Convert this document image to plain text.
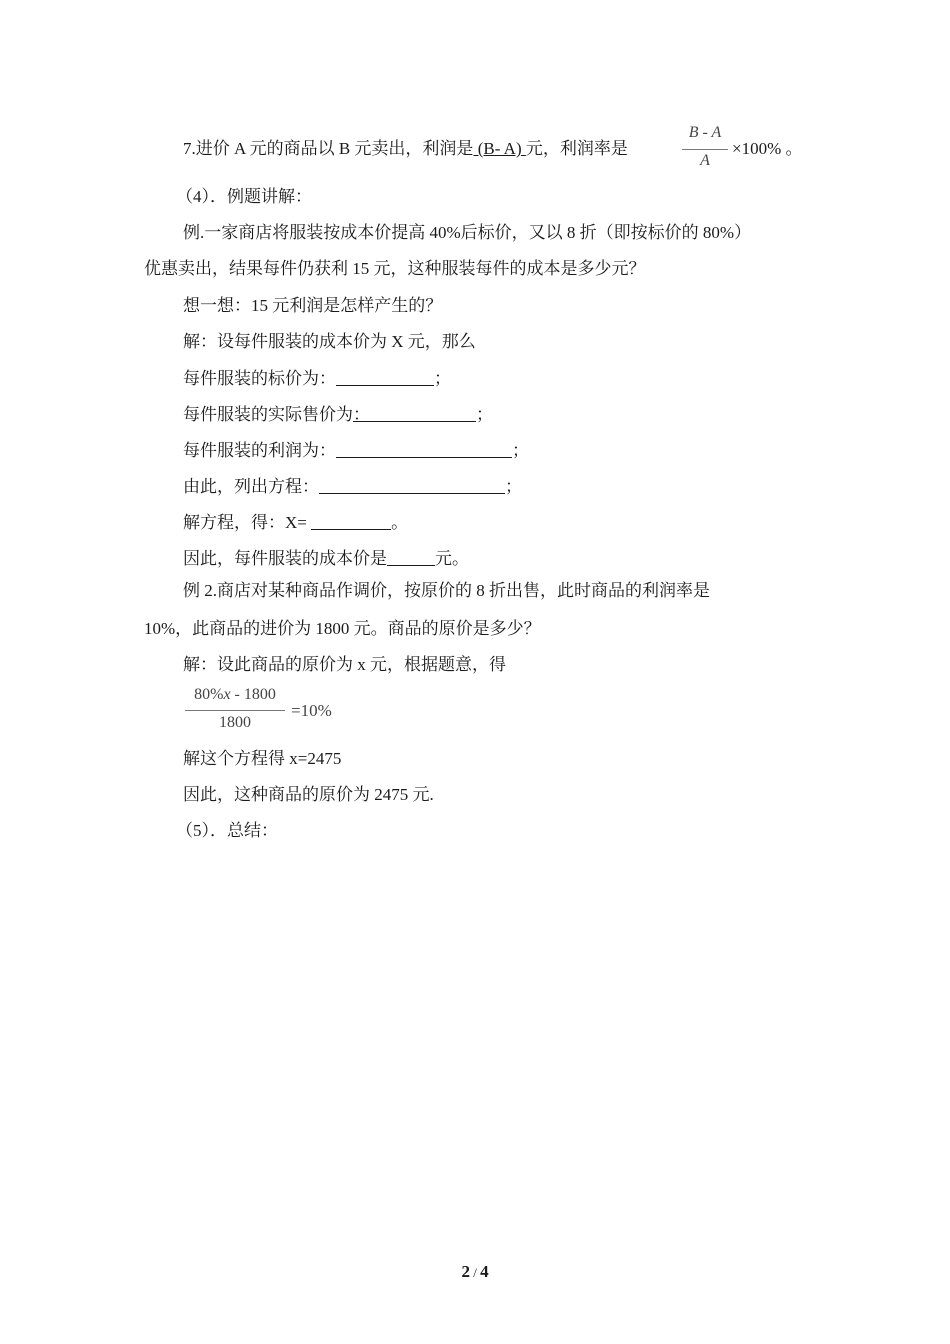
7.进价 A 元的商品以 B 元卖出，利润是 (B- A) 元，利润率是
B - A
A
×100% 。
（4）．例题讲解：
例.一家商店将服装按成本价提高 40%后标价，又以 8 折（即按标价的 80%）
优惠卖出，结果每件仍获利 15 元，这种服装每件的成本是多少元？
想一想：15 元利润是怎样产生的？
解：设每件服装的成本价为 X 元，那么
每件服装的标价为：	；
每件服装的实际售价为：	；
每件服装的利润为：	；
由此，列出方程：	；
解方程，得：X=	。
因此，每件服装的成本价是	元。
例 2.商店对某种商品作调价，按原价的 8 折出售，此时商品的利润率是
10%，此商品的进价为 1800 元。商品的原价是多少？
解：设此商品的原价为 x 元，根据题意，得
80%x - 1800
1800
=10%
解这个方程得 x=2475
因此，这种商品的原价为 2475 元.
（5）．总结：
2 / 4
